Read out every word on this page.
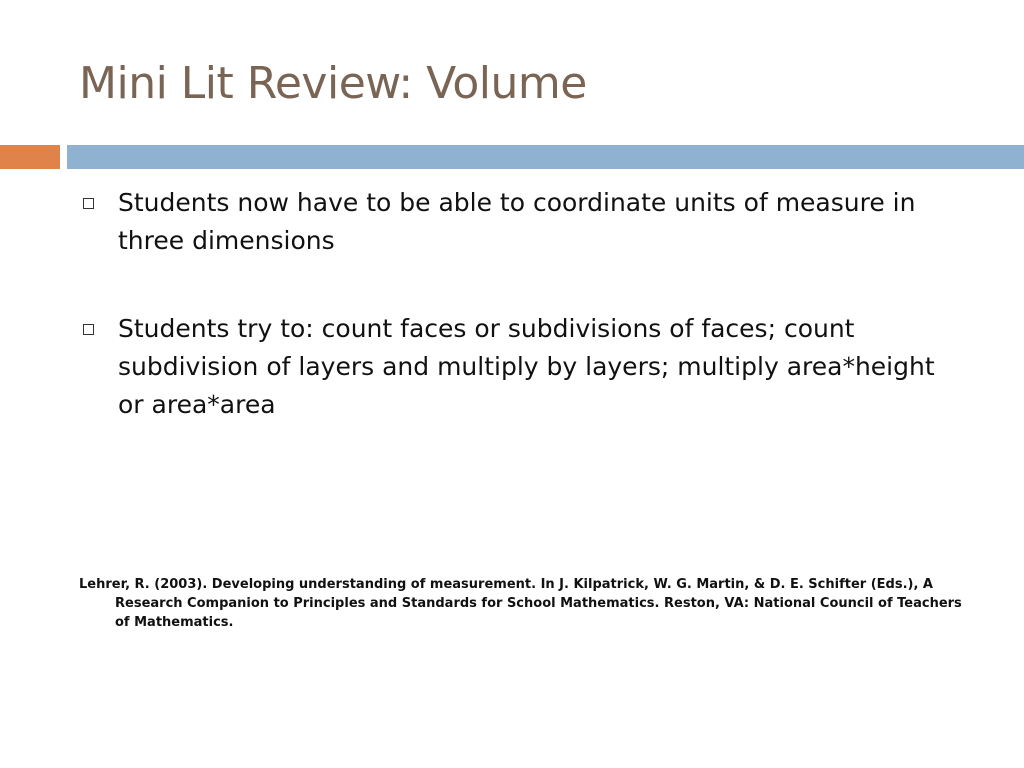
Mini Lit Review: Volume
Students now have to be able to coordinate units of measure in three dimensions
Students try to: count faces or subdivisions of faces; count subdivision of layers and multiply by layers; multiply area*height or area*area

Lehrer, R. (2003). Developing understanding of measurement. In J. Kilpatrick, W. G. Martin, & D. E. Schifter (Eds.), A Research Companion to Principles and Standards for School Mathematics. Reston, VA: National Council of Teachers of Mathematics.
